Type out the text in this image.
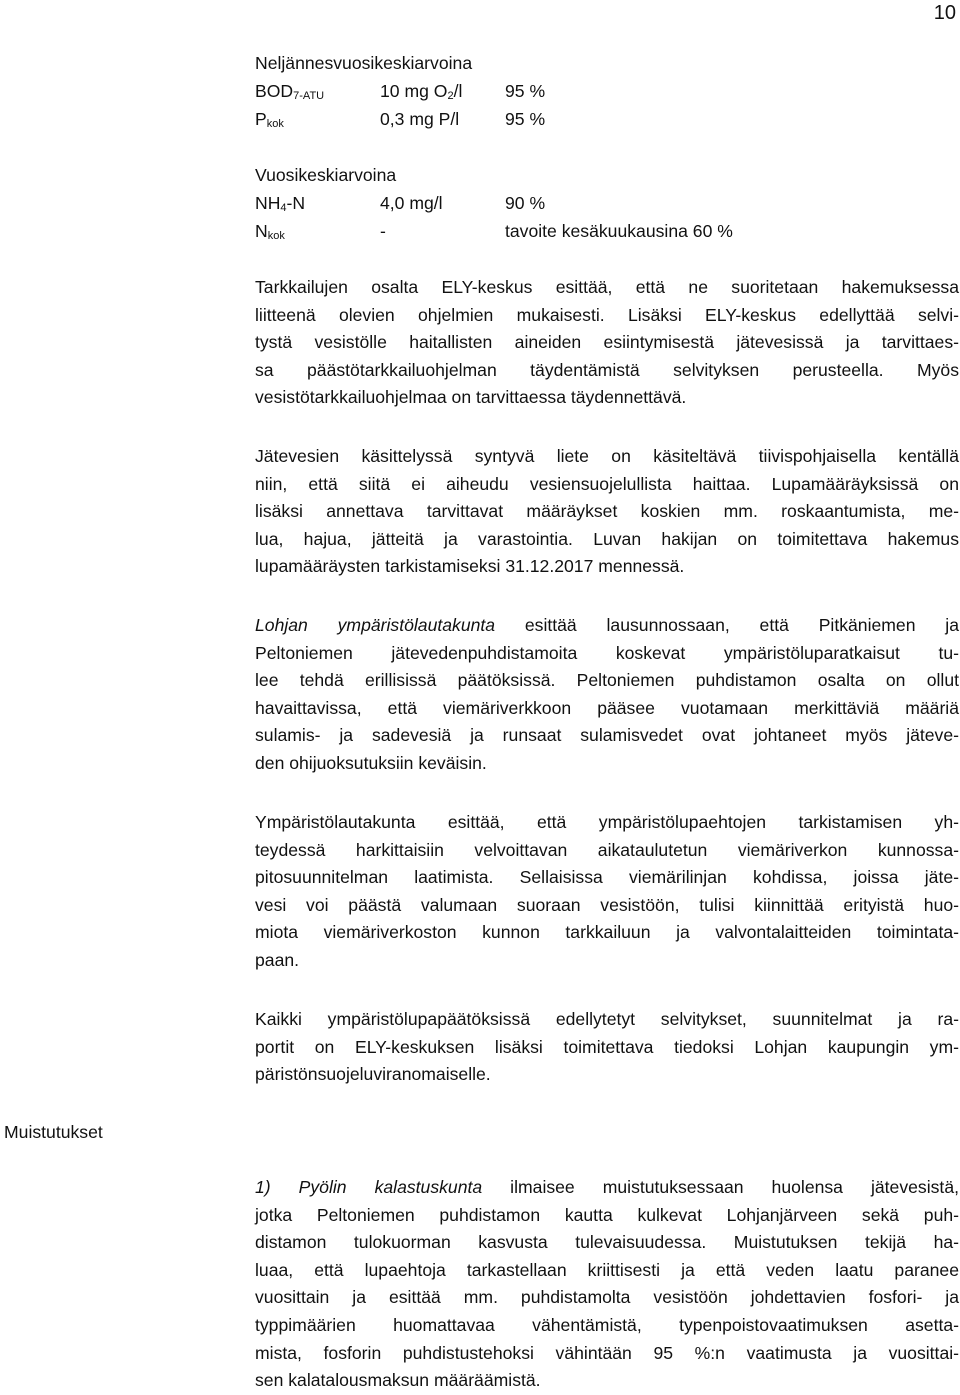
10
Neljännesvuosikeskiarvoina
$BOD_{7-ATU}$	10 mg $O_2/l$	95 %
$P_{kok}$	0,3 mg P/l	95 %
Vuosikeskiarvoina
$NH_4-N$	4,0 mg/l	90 %
$N_{kok}$	-	tavoite kesäkuukausina 60 %

Tarkkailujen osalta ELY-keskus esittää, että ne suoritetaan hakemuksessa
liitteenä olevien ohjelmien mukaisesti. Lisäksi ELY-keskus edellyttää selvi-
tystä vesistölle haitallisten aineiden esiintymisestä jätevesissä ja tarvittaes-
sa päästötarkkailuohjelman täydentämistä selvityksen perusteella. Myös
vesistötarkkailuohjelmaa on tarvittaessa täydennettävä.

Jätevesien käsittelyssä syntyvä liete on käsiteltävä tiivispohjaisella kentällä
niin, että siitä ei aiheudu vesiensuojelullista haittaa. Lupamääräyksissä on
lisäksi annettava tarvittavat määräykset koskien mm. roskaantumista, me-
lua, hajua, jätteitä ja varastointia. Luvan hakijan on toimitettava hakemus
lupamääräysten tarkistamiseksi 31.12.2017 mennessä.

Lohjan ympäristölautakunta esittää lausunnossaan, että Pitkäniemen ja
Peltoniemen jätevedenpuhdistamoita koskevat ympäristöluparatkaisut tu-
lee tehdä erillisissä päätöksissä. Peltoniemen puhdistamon osalta on ollut
havaittavissa, että viemäriverkkoon pääsee vuotamaan merkittäviä määriä
sulamis- ja sadevesiä ja runsaat sulamisvedet ovat johtaneet myös jäteve-
den ohijuoksutuksiin keväisin.

Ympäristölautakunta esittää, että ympäristölupaehtojen tarkistamisen yh-
teydessä harkittaisiin velvoittavan aikataulutetun viemäriverkon kunnossa-
pitosuunnitelman laatimista. Sellaisissa viemärilinjan kohdissa, joissa jäte-
vesi voi päästä valumaan suoraan vesistöön, tulisi kiinnittää erityistä huo-
miota viemäriverkoston kunnon tarkkailuun ja valvontalaitteiden toimintata-
paan.

Kaikki ympäristölupapäätöksissä edellytetyt selvitykset, suunnitelmat ja ra-
portit on ELY-keskuksen lisäksi toimitettava tiedoksi Lohjan kaupungin ym-
päristönsuojeluviranomaiselle.

Muistutukset

1) Pyölin kalastuskunta ilmaisee muistutuksessaan huolensa jätevesistä,
jotka Peltoniemen puhdistamon kautta kulkevat Lohjanjärveen sekä puh-
distamon tulokuorman kasvusta tulevaisuudessa. Muistutuksen tekijä ha-
luaa, että lupaehtoja tarkastellaan kriittisesti ja että veden laatu paranee
vuosittain ja esittää mm. puhdistamolta vesistöön johdettavien fosfori- ja
typpimäärien huomattavaa vähentämistä, typenpoistovaatimuksen asetta-
mista, fosforin puhdistustehoksi vähintään 95 %:n vaatimusta ja vuosittai-
sen kalatalousmaksun määräämistä.
